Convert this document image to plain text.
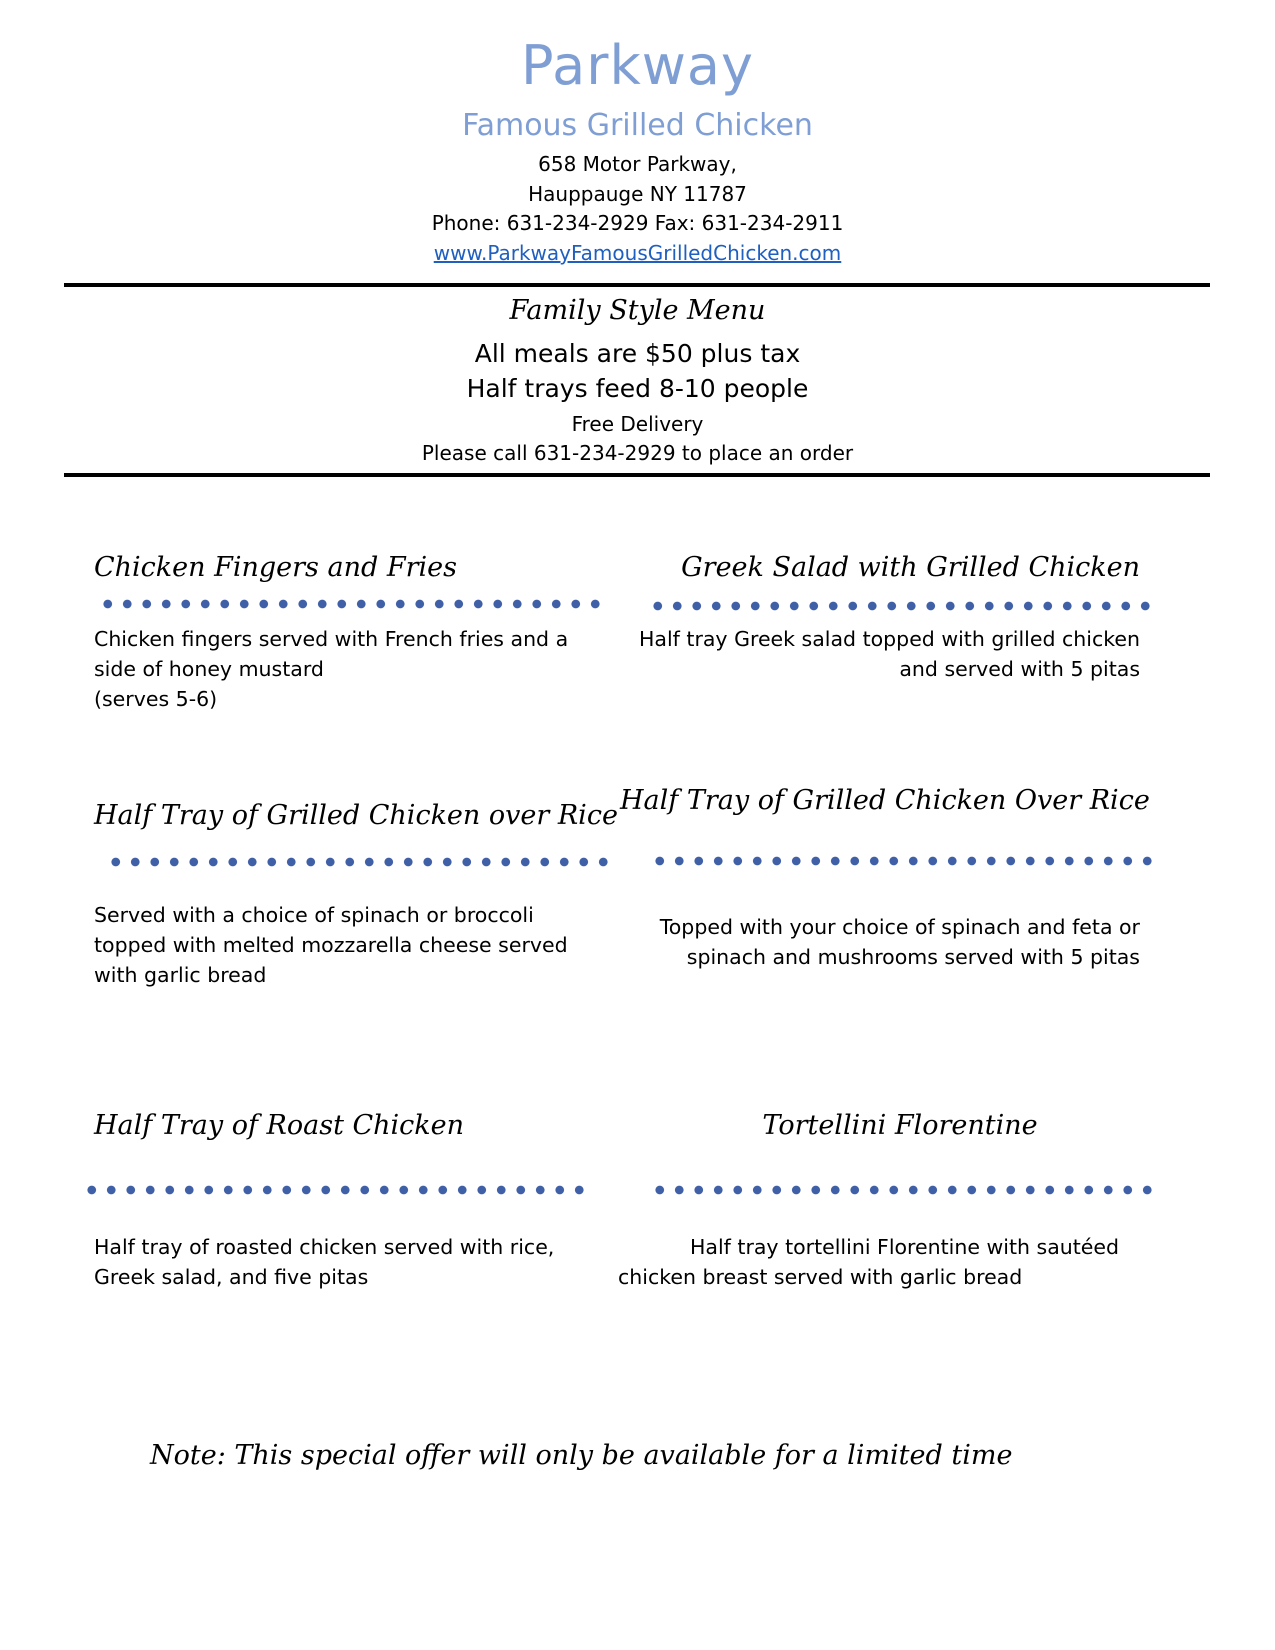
Parkway
Famous Grilled Chicken
658 Motor Parkway,
Hauppauge NY 11787
Phone: 631-234-2929 Fax: 631-234-2911
www.ParkwayFamousGrilledChicken.com
Family Style Menu
All meals are $50 plus tax
Half trays feed 8-10 people
Free Delivery
Please call 631-234-2929 to place an order
Chicken Fingers and Fries
Chicken fingers served with French fries and a
side of honey mustard
(serves 5-6)
Greek Salad with Grilled Chicken
Half tray Greek salad topped with grilled chicken
and served with 5 pitas
Half Tray of Grilled Chicken over Rice
Served with a choice of spinach or broccoli
topped with melted mozzarella cheese served
with garlic bread
Half Tray of Grilled Chicken Over Rice
Topped with your choice of spinach and feta or
spinach and mushrooms served with 5 pitas
Half Tray of Roast Chicken
Half tray of roasted chicken served with rice,
Greek salad, and five pitas
Tortellini Florentine
Half tray tortellini Florentine with sautéed
chicken breast served with garlic bread
Note: This special offer will only be available for a limited time
